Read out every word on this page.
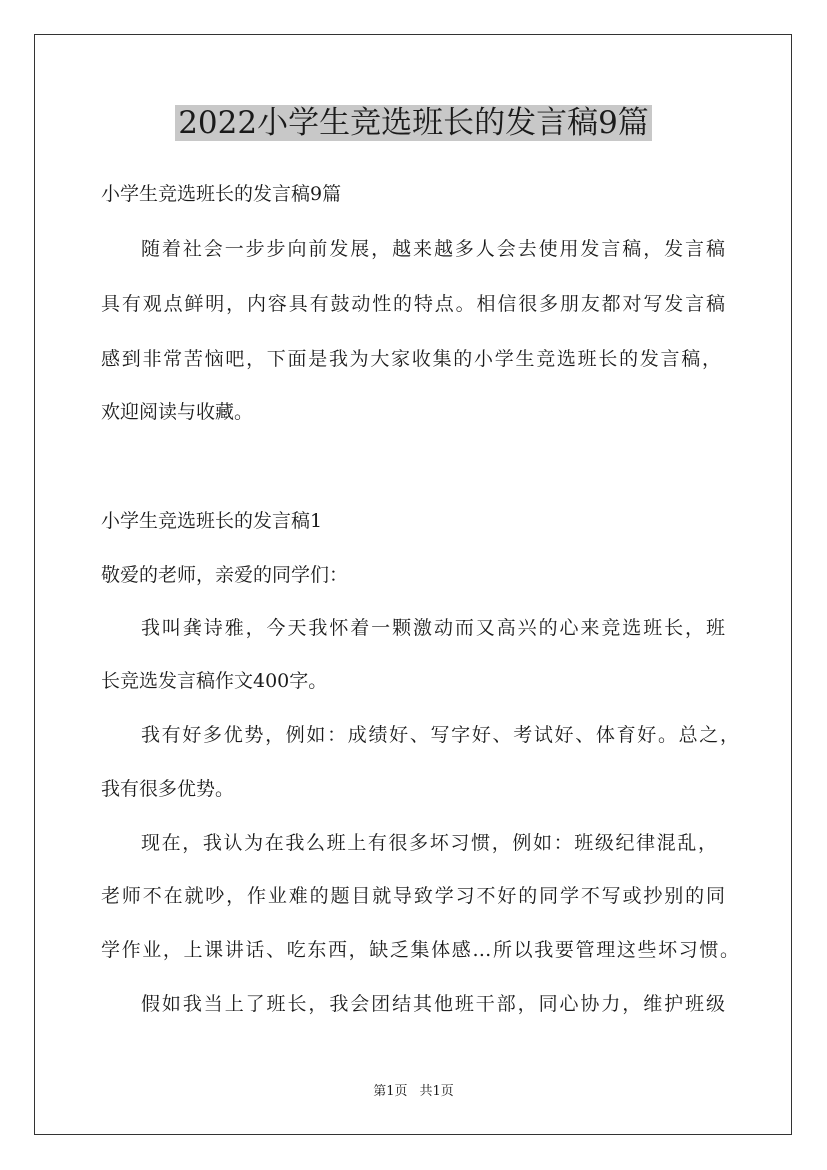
2022小学生竞选班长的发言稿9篇
小学生竞选班长的发言稿9篇
随着社会一步步向前发展，越来越多人会去使用发言稿，发言稿
具有观点鲜明，内容具有鼓动性的特点。相信很多朋友都对写发言稿
感到非常苦恼吧，下面是我为大家收集的小学生竞选班长的发言稿，
欢迎阅读与收藏。
小学生竞选班长的发言稿1
敬爱的老师，亲爱的同学们：
我叫龚诗雅，今天我怀着一颗激动而又高兴的心来竞选班长，班
长竞选发言稿作文400字。
我有好多优势，例如：成绩好、写字好、考试好、体育好。总之，
我有很多优势。
现在，我认为在我么班上有很多坏习惯，例如：班级纪律混乱，
老师不在就吵，作业难的题目就导致学习不好的同学不写或抄别的同
学作业，上课讲话、吃东西，缺乏集体感…所以我要管理这些坏习惯。
假如我当上了班长，我会团结其他班干部，同心协力，维护班级
第1页 共1页
